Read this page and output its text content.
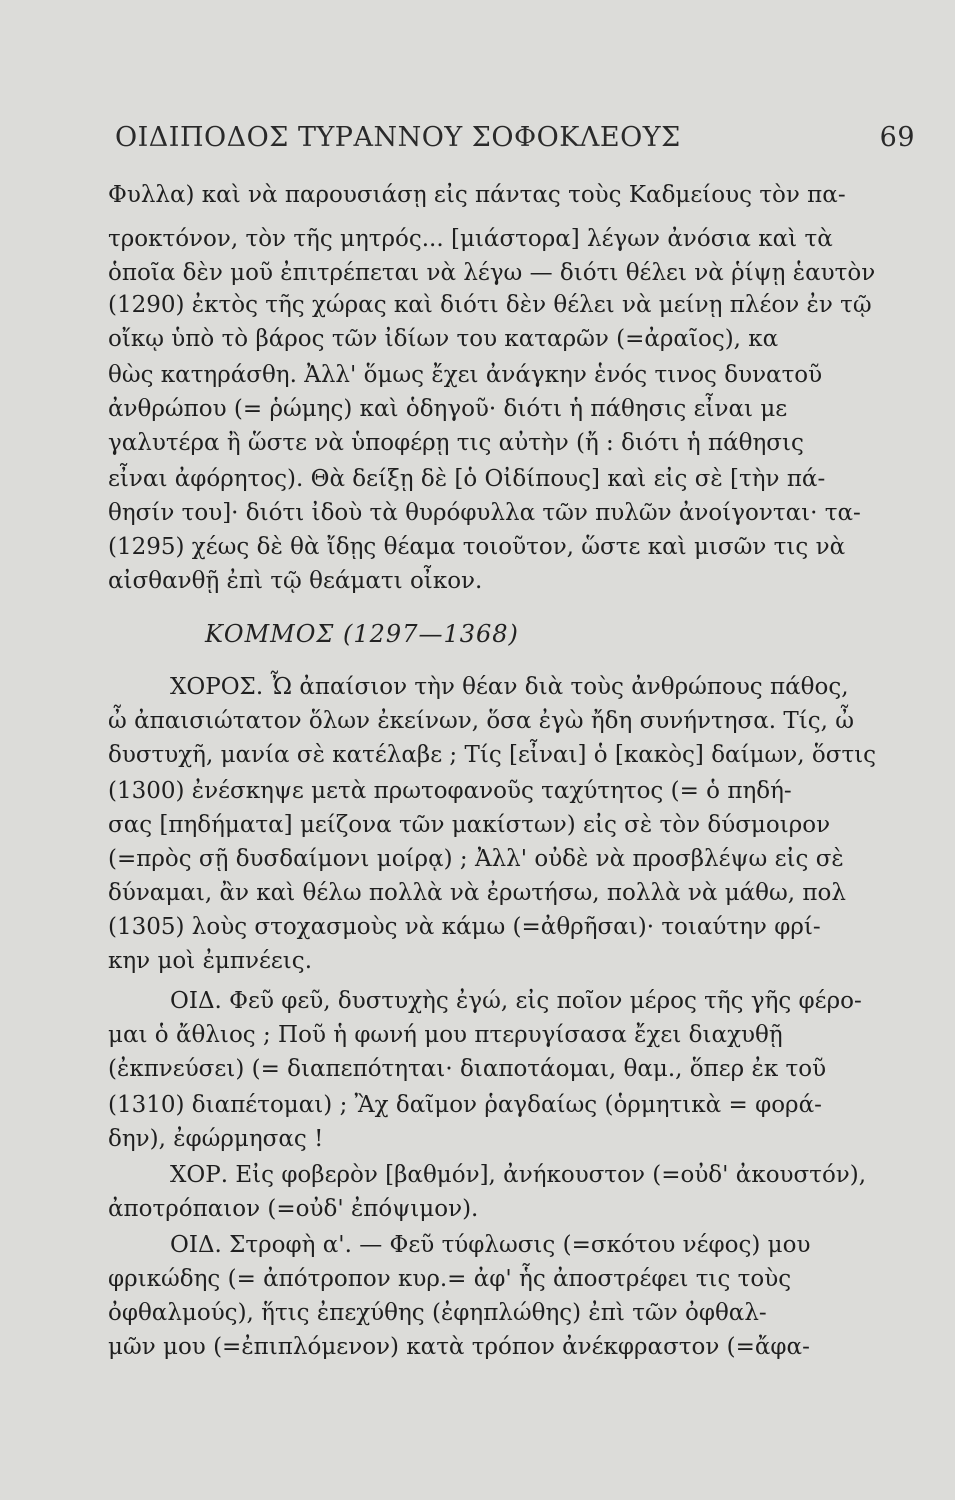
ΟΙΔΙΠΟΔΟΣ ΤΥΡΑΝΝΟΥ ΣΟΦΟΚΛΕΟΥΣ	69
Φυλλα) καὶ νὰ παρουσιάσῃ εἰς πάντας τοὺς Καδμείους τὸν πα-
τροκτόνον, τὸν τῆς μητρός... [μιάστορα] λέγων ἀνόσια καὶ τὰ
ὁποῖα δὲν μοῦ ἐπιτρέπεται νὰ λέγω — διότι θέλει νὰ ῥίψῃ ἑαυτὸν
(1290) ἐκτὸς τῆς χώρας καὶ διότι δὲν θέλει νὰ μείνῃ πλέον ἐν τῷ
οἴκῳ ὑπὸ τὸ βάρος τῶν ἰδίων του καταρῶν (=ἀραῖος), κα
θὼς κατηράσθη. Ἀλλ' ὅμως ἔχει ἀνάγκην ἑνός τινος δυνατοῦ
ἀνθρώπου (= ῥώμης) καὶ ὁδηγοῦ· διότι ἡ πάθησις εἶναι με
γαλυτέρα ἢ ὥστε νὰ ὑποφέρῃ τις αὐτὴν (ἤ : διότι ἡ πάθησις
εἶναι ἀφόρητος). Θὰ δείξῃ δὲ [ὁ Οἰδίπους] καὶ εἰς σὲ [τὴν πά-
θησίν του]· διότι ἰδοὺ τὰ θυρόφυλλα τῶν πυλῶν ἀνοίγονται· τα-
(1295) χέως δὲ θὰ ἴδῃς θέαμα τοιοῦτον, ὥστε καὶ μισῶν τις νὰ
αἰσθανθῇ ἐπὶ τῷ θεάματι οἶκον.
ΚΟΜΜΟΣ (1297—1368)
ΧΟΡΟΣ. Ὦ ἀπαίσιον τὴν θέαν διὰ τοὺς ἀνθρώπους πάθος,
ὦ ἀπαισιώτατον ὅλων ἐκείνων, ὅσα ἐγὼ ἤδη συνήντησα. Τίς, ὦ
δυστυχῆ, μανία σὲ κατέλαβε ; Τίς [εἶναι] ὁ [κακὸς] δαίμων, ὅστις
(1300) ἐνέσκηψε μετὰ πρωτοφανοῦς ταχύτητος (= ὁ πηδή-
σας [πηδήματα] μείζονα τῶν μακίστων) εἰς σὲ τὸν δύσμοιρον
(=πρὸς σῇ δυσδαίμονι μοίρᾳ) ; Ἀλλ' οὐδὲ νὰ προσβλέψω εἰς σὲ
δύναμαι, ἂν καὶ θέλω πολλὰ νὰ ἐρωτήσω, πολλὰ νὰ μάθω, πολ
(1305) λοὺς στοχασμοὺς νὰ κάμω (=ἀθρῆσαι)· τοιαύτην φρί-
κην μοὶ ἐμπνέεις.
ΟΙΔ. Φεῦ φεῦ, δυστυχὴς ἐγώ, εἰς ποῖον μέρος τῆς γῆς φέρο-
μαι ὁ ἄθλιος ; Ποῦ ἡ φωνή μου πτερυγίσασα ἔχει διαχυθῇ
(ἐκπνεύσει) (= διαπεπότηται· διαποτάομαι, θαμ., ὅπερ ἐκ τοῦ
(1310) διαπέτομαι) ; Ἂχ δαῖμον ῥαγδαίως (ὁρμητικὰ = φορά-
δην), ἐφώρμησας !
ΧΟΡ. Εἰς φοβερὸν [βαθμόν], ἀνήκουστον (=οὐδ' ἀκουστόν),
ἀποτρόπαιον (=οὐδ' ἐπόψιμον).
ΟΙΔ. Στροφὴ α'. — Φεῦ τύφλωσις (=σκότου νέφος) μου
φρικώδης (= ἀπότροπον κυρ.= ἀφ' ἧς ἀποστρέφει τις τοὺς
ὀφθαλμούς), ἥτις ἐπεχύθης (ἐφηπλώθης) ἐπὶ τῶν ὀφθαλ-
μῶν μου (=ἐπιπλόμενον) κατὰ τρόπον ἀνέκφραστον (=ἄφα-
